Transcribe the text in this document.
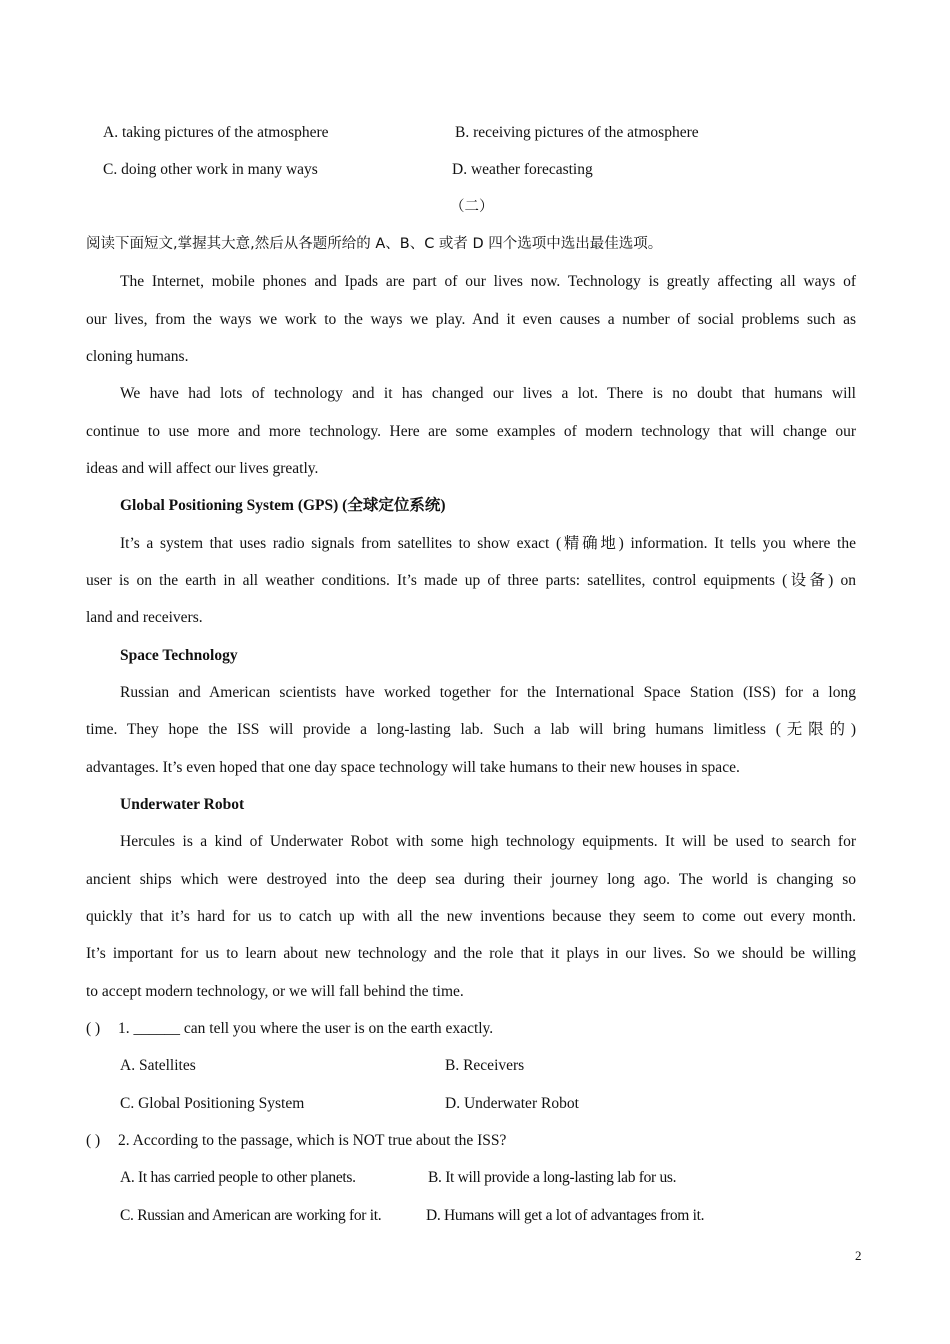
A. taking pictures of the atmosphere	B. receiving pictures of the atmosphere
C. doing other work in many ways	D. weather forecasting
（二）
阅读下面短文,掌握其大意,然后从各题所给的 A、B、C 或者 D 四个选项中选出最佳选项。
The Internet, mobile phones and Ipads are part of our lives now. Technology is greatly affecting all ways of
our lives, from the ways we work to the ways we play. And it even causes a number of social problems such as
cloning humans.
We have had lots of technology and it has changed our lives a lot. There is no doubt that humans will
continue to use more and more technology. Here are some examples of modern technology that will change our
ideas and will affect our lives greatly.
Global Positioning System (GPS) (全球定位系统)
It’s a system that uses radio signals from satellites to show exact (精确地) information. It tells you where the
user is on the earth in all weather conditions. It’s made up of three parts: satellites, control equipments (设备) on
land and receivers.
Space Technology
Russian and American scientists have worked together for the International Space Station (ISS) for a long
time. They hope the ISS will provide a long-lasting lab. Such a lab will bring humans limitless (无限的)
advantages. It’s even hoped that one day space technology will take humans to their new houses in space.
Underwater Robot
Hercules is a kind of Underwater Robot with some high technology equipments. It will be used to search for
ancient ships which were destroyed into the deep sea during their journey long ago. The world is changing so
quickly that it’s hard for us to catch up with all the new inventions because they seem to come out every month.
It’s important for us to learn about new technology and the role that it plays in our lives. So we should be willing
to accept modern technology, or we will fall behind the time.
( ) 1. ______ can tell you where the user is on the earth exactly.
A. Satellites	B. Receivers
C. Global Positioning System	D. Underwater Robot
( ) 2. According to the passage, which is NOT true about the ISS?
A. It has carried people to other planets.	B. It will provide a long-lasting lab for us.
C. Russian and American are working for it.	D. Humans will get a lot of advantages from it.
2
